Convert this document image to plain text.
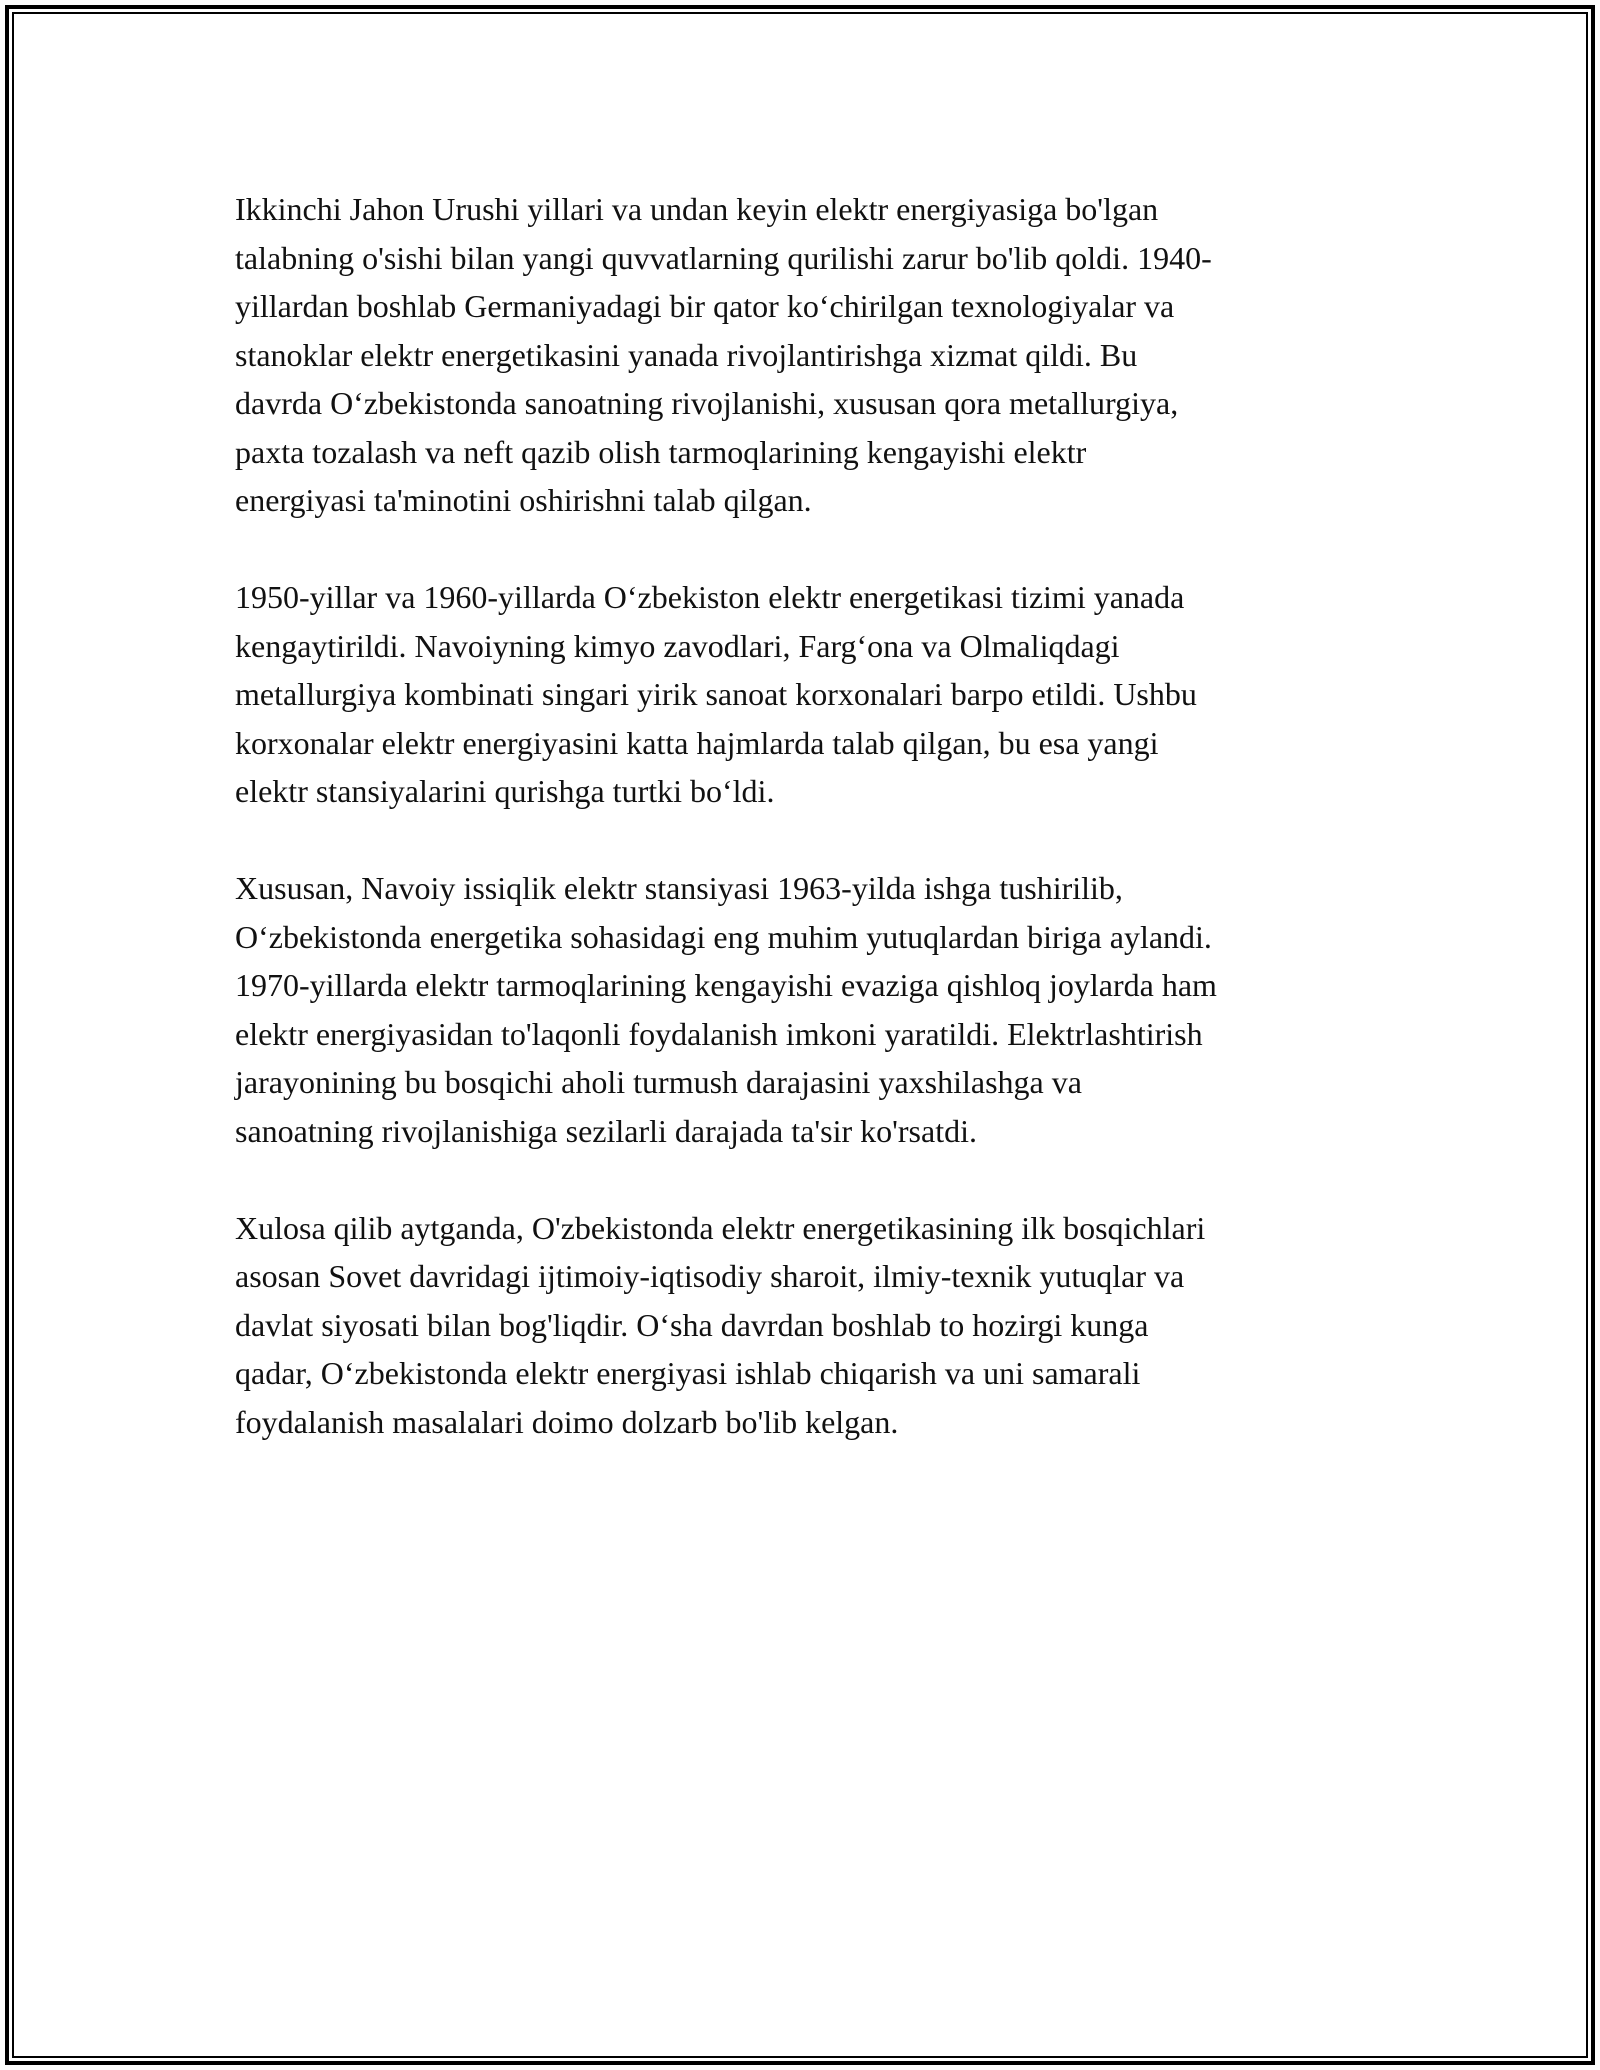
Ikkinchi Jahon Urushi yillari va undan keyin elektr energiyasiga bo'lgan
talabning o'sishi bilan yangi quvvatlarning qurilishi zarur bo'lib qoldi. 1940-
yillardan boshlab Germaniyadagi bir qator koʻchirilgan texnologiyalar va
stanoklar elektr energetikasini yanada rivojlantirishga xizmat qildi. Bu
davrda Oʻzbekistonda sanoatning rivojlanishi, xususan qora metallurgiya,
paxta tozalash va neft qazib olish tarmoqlarining kengayishi elektr
energiyasi ta'minotini oshirishni talab qilgan.

1950-yillar va 1960-yillarda Oʻzbekiston elektr energetikasi tizimi yanada
kengaytirildi. Navoiyning kimyo zavodlari, Fargʻona va Olmaliqdagi
metallurgiya kombinati singari yirik sanoat korxonalari barpo etildi. Ushbu
korxonalar elektr energiyasini katta hajmlarda talab qilgan, bu esa yangi
elektr stansiyalarini qurishga turtki boʻldi.

Xususan, Navoiy issiqlik elektr stansiyasi 1963-yilda ishga tushirilib,
Oʻzbekistonda energetika sohasidagi eng muhim yutuqlardan biriga aylandi.
1970-yillarda elektr tarmoqlarining kengayishi evaziga qishloq joylarda ham
elektr energiyasidan to'laqonli foydalanish imkoni yaratildi. Elektrlashtirish
jarayonining bu bosqichi aholi turmush darajasini yaxshilashga va
sanoatning rivojlanishiga sezilarli darajada ta'sir ko'rsatdi.

Xulosa qilib aytganda, O'zbekistonda elektr energetikasining ilk bosqichlari
asosan Sovet davridagi ijtimoiy-iqtisodiy sharoit, ilmiy-texnik yutuqlar va
davlat siyosati bilan bog'liqdir. Oʻsha davrdan boshlab to hozirgi kunga
qadar, Oʻzbekistonda elektr energiyasi ishlab chiqarish va uni samarali
foydalanish masalalari doimo dolzarb bo'lib kelgan.
